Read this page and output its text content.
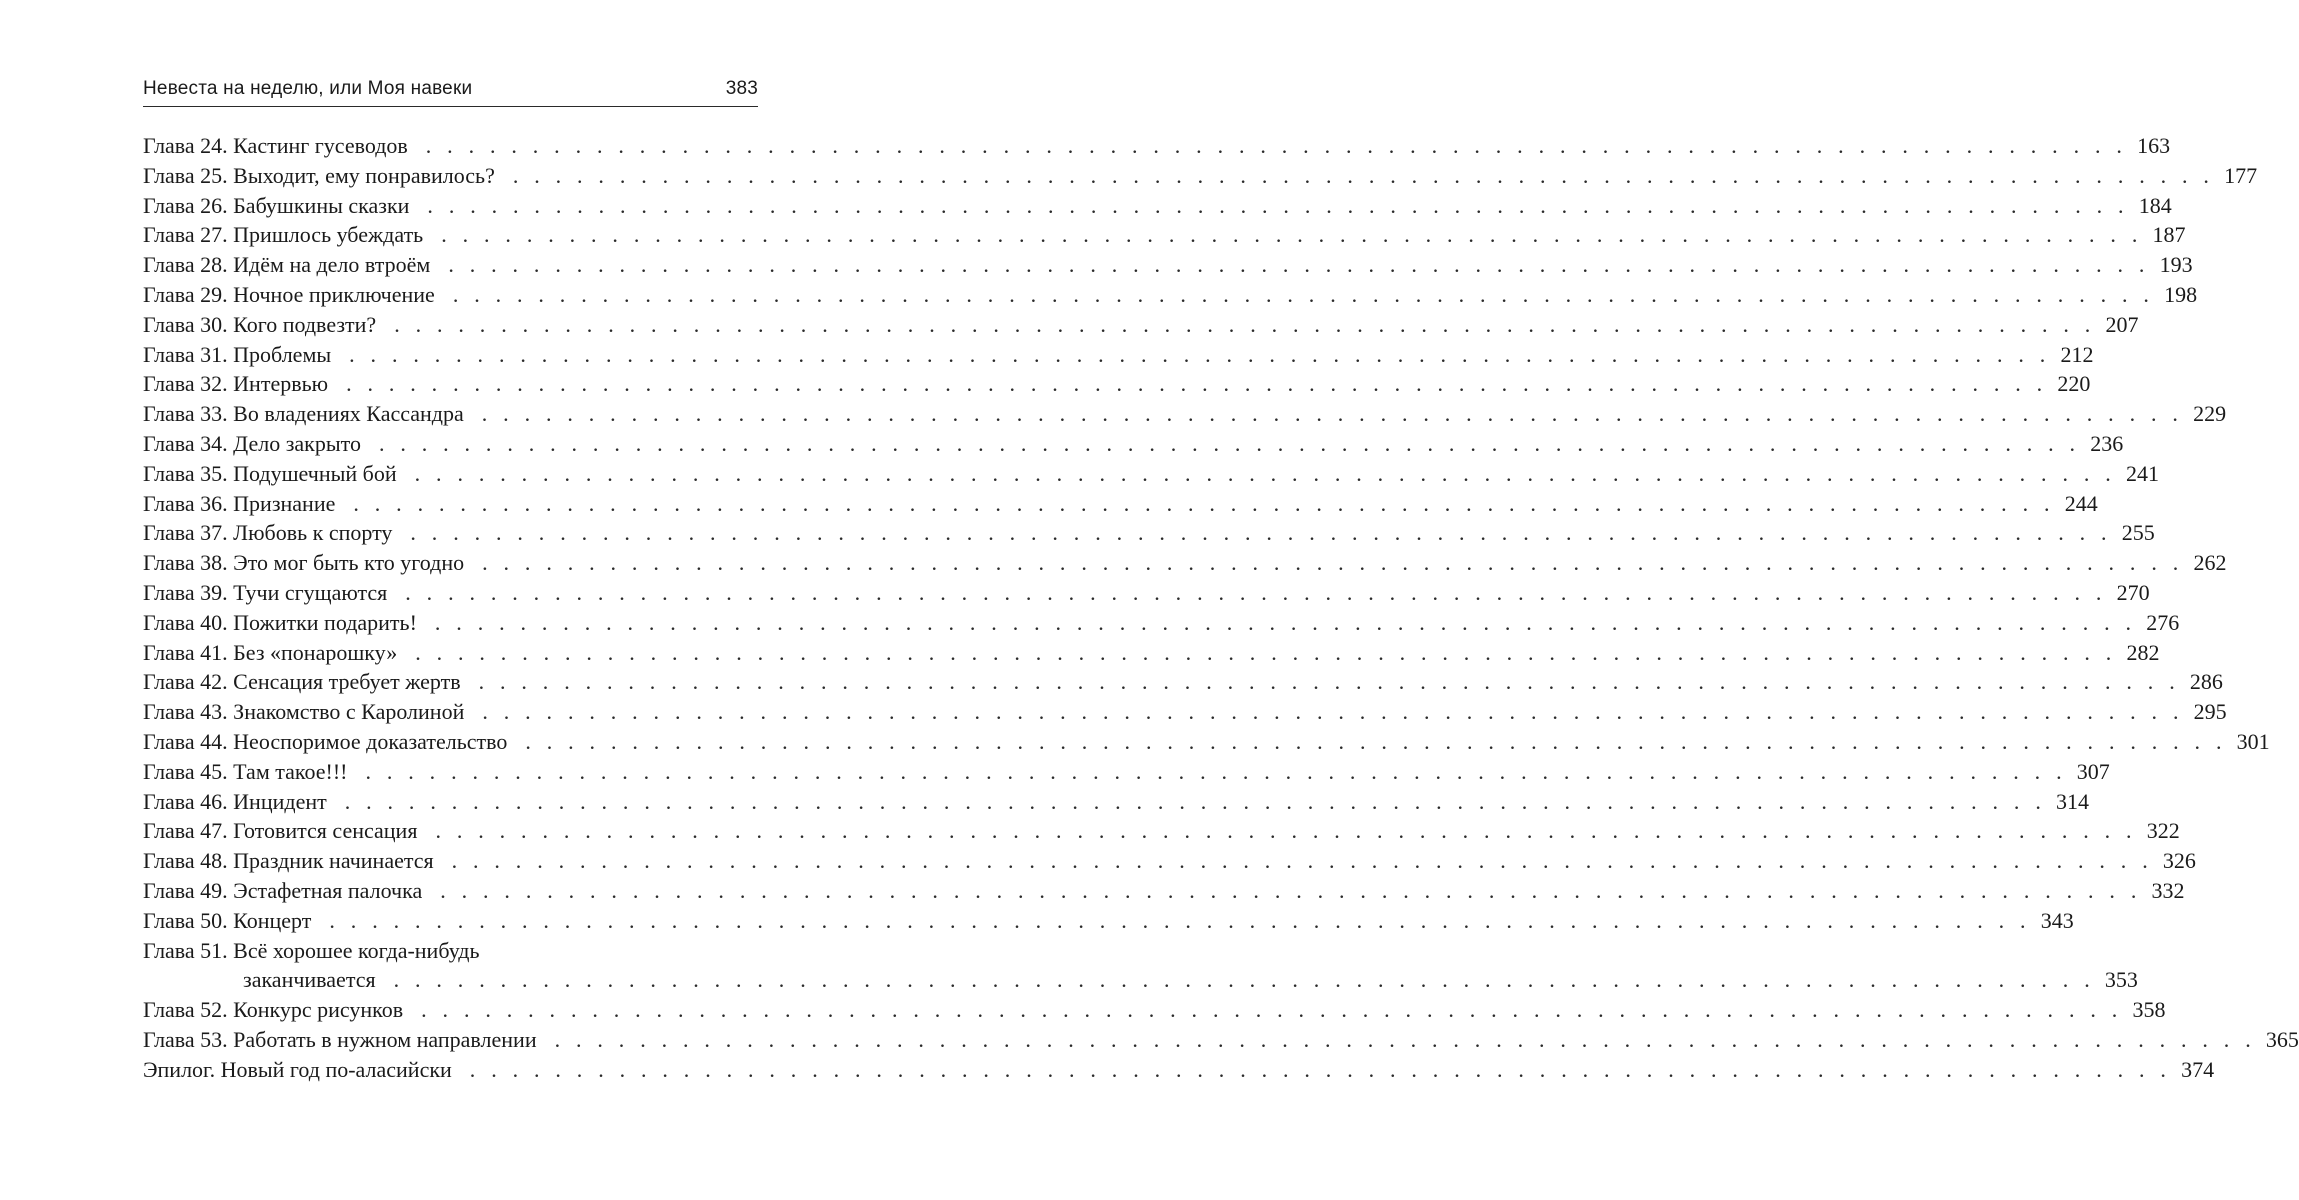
Невеста на неделю, или Моя навеки	383
Глава 24. Кастинг гусеводов . . . . . . . . . . . . . . . . . . . . . . . . . . . . . . . . . . . . . . . . . . . . . . . . . . . . . . . . . . . . . . . . . . . . . . . . . . . . . . . . 163
Глава 25. Выходит, ему понравилось? . . . . . . . . . . . . . . . . . . . . . . . . . . . . . . . . . . . . . . . . . . . . . . . . . . . . . . . . . . . . . . . . . . . . . . . . . . . . . . . . 177
Глава 26. Бабушкины сказки . . . . . . . . . . . . . . . . . . . . . . . . . . . . . . . . . . . . . . . . . . . . . . . . . . . . . . . . . . . . . . . . . . . . . . . . . . . . . . . . 184
Глава 27. Пришлось убеждать . . . . . . . . . . . . . . . . . . . . . . . . . . . . . . . . . . . . . . . . . . . . . . . . . . . . . . . . . . . . . . . . . . . . . . . . . . . . . . . . 187
Глава 28. Идём на дело втроём . . . . . . . . . . . . . . . . . . . . . . . . . . . . . . . . . . . . . . . . . . . . . . . . . . . . . . . . . . . . . . . . . . . . . . . . . . . . . . . . 193
Глава 29. Ночное приключение . . . . . . . . . . . . . . . . . . . . . . . . . . . . . . . . . . . . . . . . . . . . . . . . . . . . . . . . . . . . . . . . . . . . . . . . . . . . . . . . 198
Глава 30. Кого подвезти? . . . . . . . . . . . . . . . . . . . . . . . . . . . . . . . . . . . . . . . . . . . . . . . . . . . . . . . . . . . . . . . . . . . . . . . . . . . . . . . . 207
Глава 31. Проблемы . . . . . . . . . . . . . . . . . . . . . . . . . . . . . . . . . . . . . . . . . . . . . . . . . . . . . . . . . . . . . . . . . . . . . . . . . . . . . . . . 212
Глава 32. Интервью . . . . . . . . . . . . . . . . . . . . . . . . . . . . . . . . . . . . . . . . . . . . . . . . . . . . . . . . . . . . . . . . . . . . . . . . . . . . . . . . 220
Глава 33. Во владениях Кассандра . . . . . . . . . . . . . . . . . . . . . . . . . . . . . . . . . . . . . . . . . . . . . . . . . . . . . . . . . . . . . . . . . . . . . . . . . . . . . . . . 229
Глава 34. Дело закрыто . . . . . . . . . . . . . . . . . . . . . . . . . . . . . . . . . . . . . . . . . . . . . . . . . . . . . . . . . . . . . . . . . . . . . . . . . . . . . . . . 236
Глава 35. Подушечный бой . . . . . . . . . . . . . . . . . . . . . . . . . . . . . . . . . . . . . . . . . . . . . . . . . . . . . . . . . . . . . . . . . . . . . . . . . . . . . . . . 241
Глава 36. Признание . . . . . . . . . . . . . . . . . . . . . . . . . . . . . . . . . . . . . . . . . . . . . . . . . . . . . . . . . . . . . . . . . . . . . . . . . . . . . . . . 244
Глава 37. Любовь к спорту . . . . . . . . . . . . . . . . . . . . . . . . . . . . . . . . . . . . . . . . . . . . . . . . . . . . . . . . . . . . . . . . . . . . . . . . . . . . . . . . 255
Глава 38. Это мог быть кто угодно . . . . . . . . . . . . . . . . . . . . . . . . . . . . . . . . . . . . . . . . . . . . . . . . . . . . . . . . . . . . . . . . . . . . . . . . . . . . . . . . 262
Глава 39. Тучи сгущаются . . . . . . . . . . . . . . . . . . . . . . . . . . . . . . . . . . . . . . . . . . . . . . . . . . . . . . . . . . . . . . . . . . . . . . . . . . . . . . . . 270
Глава 40. Пожитки подарить! . . . . . . . . . . . . . . . . . . . . . . . . . . . . . . . . . . . . . . . . . . . . . . . . . . . . . . . . . . . . . . . . . . . . . . . . . . . . . . . . 276
Глава 41. Без «понарошку» . . . . . . . . . . . . . . . . . . . . . . . . . . . . . . . . . . . . . . . . . . . . . . . . . . . . . . . . . . . . . . . . . . . . . . . . . . . . . . . . 282
Глава 42. Сенсация требует жертв . . . . . . . . . . . . . . . . . . . . . . . . . . . . . . . . . . . . . . . . . . . . . . . . . . . . . . . . . . . . . . . . . . . . . . . . . . . . . . . . 286
Глава 43. Знакомство с Каролиной . . . . . . . . . . . . . . . . . . . . . . . . . . . . . . . . . . . . . . . . . . . . . . . . . . . . . . . . . . . . . . . . . . . . . . . . . . . . . . . . 295
Глава 44. Неоспоримое доказательство . . . . . . . . . . . . . . . . . . . . . . . . . . . . . . . . . . . . . . . . . . . . . . . . . . . . . . . . . . . . . . . . . . . . . . . . . . . . . . . . 301
Глава 45. Там такое!!! . . . . . . . . . . . . . . . . . . . . . . . . . . . . . . . . . . . . . . . . . . . . . . . . . . . . . . . . . . . . . . . . . . . . . . . . . . . . . . . . 307
Глава 46. Инцидент . . . . . . . . . . . . . . . . . . . . . . . . . . . . . . . . . . . . . . . . . . . . . . . . . . . . . . . . . . . . . . . . . . . . . . . . . . . . . . . . 314
Глава 47. Готовится сенсация . . . . . . . . . . . . . . . . . . . . . . . . . . . . . . . . . . . . . . . . . . . . . . . . . . . . . . . . . . . . . . . . . . . . . . . . . . . . . . . . 322
Глава 48. Праздник начинается . . . . . . . . . . . . . . . . . . . . . . . . . . . . . . . . . . . . . . . . . . . . . . . . . . . . . . . . . . . . . . . . . . . . . . . . . . . . . . . . 326
Глава 49. Эстафетная палочка . . . . . . . . . . . . . . . . . . . . . . . . . . . . . . . . . . . . . . . . . . . . . . . . . . . . . . . . . . . . . . . . . . . . . . . . . . . . . . . . 332
Глава 50. Концерт . . . . . . . . . . . . . . . . . . . . . . . . . . . . . . . . . . . . . . . . . . . . . . . . . . . . . . . . . . . . . . . . . . . . . . . . . . . . . . . . 343
Глава 51. Всё хорошее когда-нибудь
заканчивается . . . . . . . . . . . . . . . . . . . . . . . . . . . . . . . . . . . . . . . . . . . . . . . . . . . . . . . . . . . . . . . . . . . . . . . . . . . . . . . . 353
Глава 52. Конкурс рисунков . . . . . . . . . . . . . . . . . . . . . . . . . . . . . . . . . . . . . . . . . . . . . . . . . . . . . . . . . . . . . . . . . . . . . . . . . . . . . . . . 358
Глава 53. Работать в нужном направлении . . . . . . . . . . . . . . . . . . . . . . . . . . . . . . . . . . . . . . . . . . . . . . . . . . . . . . . . . . . . . . . . . . . . . . . . . . . . . . . . 365
Эпилог. Новый год по-аласийски . . . . . . . . . . . . . . . . . . . . . . . . . . . . . . . . . . . . . . . . . . . . . . . . . . . . . . . . . . . . . . . . . . . . . . . . . . . . . . . . 374
